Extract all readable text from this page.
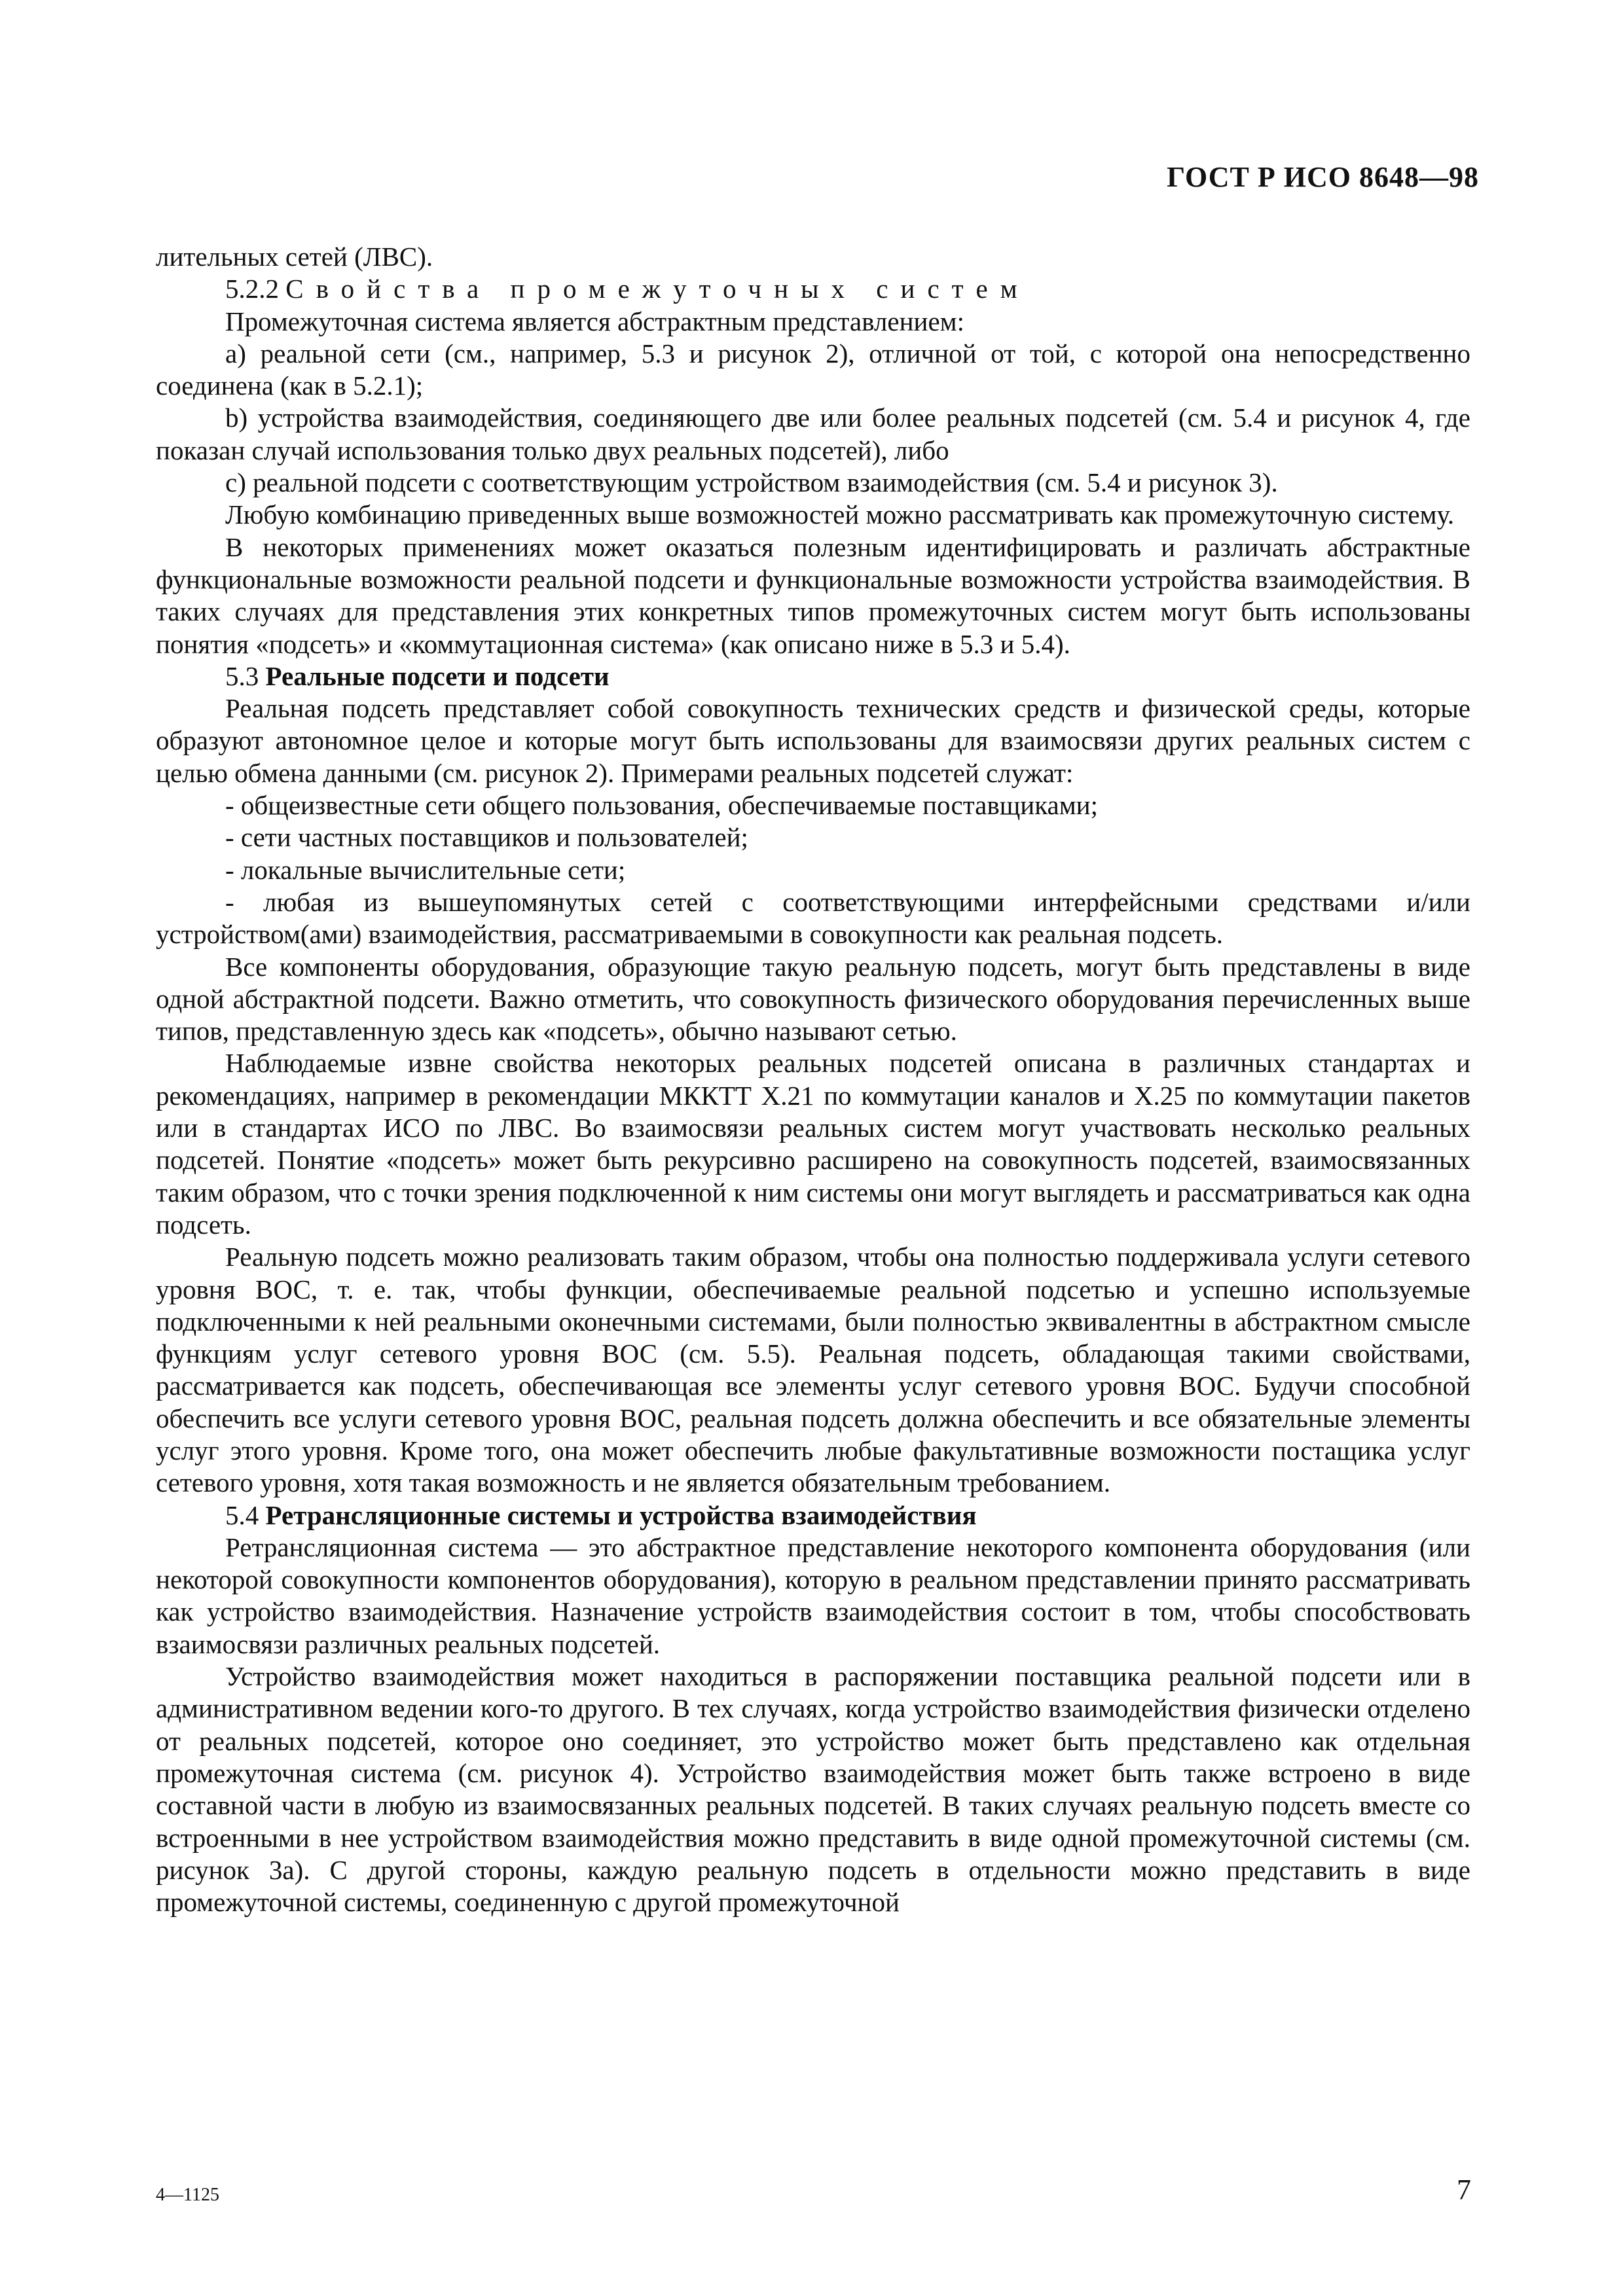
ГОСТ Р ИСО 8648—98

лительных сетей (ЛВС).

5.2.2 Свойства промежуточных систем

Промежуточная система является абстрактным представлением:

а) реальной сети (см., например, 5.3 и рисунок 2), отличной от той, с которой она непосредственно соединена (как в 5.2.1);

b) устройства взаимодействия, соединяющего две или более реальных подсетей (см. 5.4 и рисунок 4, где показан случай использования только двух реальных подсетей), либо

с) реальной подсети с соответствующим устройством взаимодействия (см. 5.4 и рисунок 3).

Любую комбинацию приведенных выше возможностей можно рассматривать как промежуточную систему.

В некоторых применениях может оказаться полезным идентифицировать и различать абстрактные функциональные возможности реальной подсети и функциональные возможности устройства взаимодействия. В таких случаях для представления этих конкретных типов промежуточных систем могут быть использованы понятия «подсеть» и «коммутационная система» (как описано ниже в 5.3 и 5.4).

5.3 Реальные подсети и подсети

Реальная подсеть представляет собой совокупность технических средств и физической среды, которые образуют автономное целое и которые могут быть использованы для взаимосвязи других реальных систем с целью обмена данными (см. рисунок 2). Примерами реальных подсетей служат:

- общеизвестные сети общего пользования, обеспечиваемые поставщиками;

- сети частных поставщиков и пользователей;

- локальные вычислительные сети;

- любая из вышеупомянутых сетей с соответствующими интерфейсными средствами и/или устройством(ами) взаимодействия, рассматриваемыми в совокупности как реальная подсеть.

Все компоненты оборудования, образующие такую реальную подсеть, могут быть представлены в виде одной абстрактной подсети. Важно отметить, что совокупность физического оборудования перечисленных выше типов, представленную здесь как «подсеть», обычно называют сетью.

Наблюдаемые извне свойства некоторых реальных подсетей описана в различных стандартах и рекомендациях, например в рекомендации МККТТ X.21 по коммутации каналов и X.25 по коммутации пакетов или в стандартах ИСО по ЛВС. Во взаимосвязи реальных систем могут участвовать несколько реальных подсетей. Понятие «подсеть» может быть рекурсивно расширено на совокупность подсетей, взаимосвязанных таким образом, что с точки зрения подключенной к ним системы они могут выглядеть и рассматриваться как одна подсеть.

Реальную подсеть можно реализовать таким образом, чтобы она полностью поддерживала услуги сетевого уровня ВОС, т. е. так, чтобы функции, обеспечиваемые реальной подсетью и успешно используемые подключенными к ней реальными оконечными системами, были полностью эквивалентны в абстрактном смысле функциям услуг сетевого уровня ВОС (см. 5.5). Реальная подсеть, обладающая такими свойствами, рассматривается как подсеть, обеспечивающая все элементы услуг сетевого уровня ВОС. Будучи способной обеспечить все услуги сетевого уровня ВОС, реальная подсеть должна обеспечить и все обязательные элементы услуг этого уровня. Кроме того, она может обеспечить любые факультативные возможности постащика услуг сетевого уровня, хотя такая возможность и не является обязательным требованием.

5.4 Ретрансляционные системы и устройства взаимодействия

Ретрансляционная система — это абстрактное представление некоторого компонента оборудования (или некоторой совокупности компонентов оборудования), которую в реальном представлении принято рассматривать как устройство взаимодействия. Назначение устройств взаимодействия состоит в том, чтобы способствовать взаимосвязи различных реальных подсетей.

Устройство взаимодействия может находиться в распоряжении поставщика реальной подсети или в административном ведении кого-то другого. В тех случаях, когда устройство взаимодействия физически отделено от реальных подсетей, которое оно соединяет, это устройство может быть представлено как отдельная промежуточная система (см. рисунок 4). Устройство взаимодействия может быть также встроено в виде составной части в любую из взаимосвязанных реальных подсетей. В таких случаях реальную подсеть вместе со встроенными в нее устройством взаимодействия можно представить в виде одной промежуточной системы (см. рисунок 3а). С другой стороны, каждую реальную подсеть в отдельности можно представить в виде промежуточной системы, соединенную с другой промежуточной

4—1125	7
